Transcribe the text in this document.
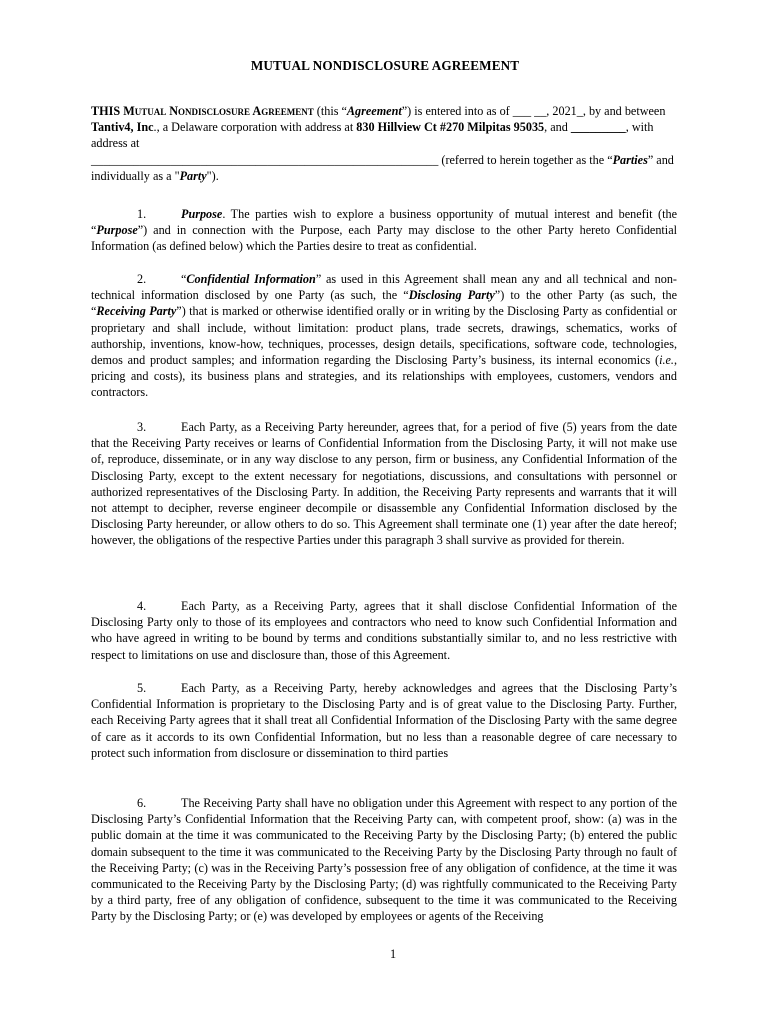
MUTUAL NONDISCLOSURE AGREEMENT
THIS Mutual Nondisclosure Agreement (this “Agreement”) is entered into as of ___ __, 2021_, by and between Tantiv4, Inc., a Delaware corporation with address at 830 Hillview Ct #270 Milpitas 95035, and _________, with address at
_________________________________________________________ (referred to herein together as the “Parties” and individually as a "Party").
1.	Purpose. The parties wish to explore a business opportunity of mutual interest and benefit (the “Purpose”) and in connection with the Purpose, each Party may disclose to the other Party hereto Confidential Information (as defined below) which the Parties desire to treat as confidential.
2.	“Confidential Information” as used in this Agreement shall mean any and all technical and non-technical information disclosed by one Party (as such, the “Disclosing Party”) to the other Party (as such, the “Receiving Party”) that is marked or otherwise identified orally or in writing by the Disclosing Party as confidential or proprietary and shall include, without limitation: product plans, trade secrets, drawings, schematics, works of authorship, inventions, know-how, techniques, processes, design details, specifications, software code, technologies, demos and product samples; and information regarding the Disclosing Party’s business, its internal economics (i.e., pricing and costs), its business plans and strategies, and its relationships with employees, customers, vendors and contractors.
3.	Each Party, as a Receiving Party hereunder, agrees that, for a period of five (5) years from the date that the Receiving Party receives or learns of Confidential Information from the Disclosing Party, it will not make use of, reproduce, disseminate, or in any way disclose to any person, firm or business, any Confidential Information of the Disclosing Party, except to the extent necessary for negotiations, discussions, and consultations with personnel or authorized representatives of the Disclosing Party. In addition, the Receiving Party represents and warrants that it will not attempt to decipher, reverse engineer decompile or disassemble any Confidential Information disclosed by the Disclosing Party hereunder, or allow others to do so. This Agreement shall terminate one (1) year after the date hereof; however, the obligations of the respective Parties under this paragraph 3 shall survive as provided for therein.
4.	Each Party, as a Receiving Party, agrees that it shall disclose Confidential Information of the Disclosing Party only to those of its employees and contractors who need to know such Confidential Information and who have agreed in writing to be bound by terms and conditions substantially similar to, and no less restrictive with respect to limitations on use and disclosure than, those of this Agreement.
5.	Each Party, as a Receiving Party, hereby acknowledges and agrees that the Disclosing Party’s Confidential Information is proprietary to the Disclosing Party and is of great value to the Disclosing Party. Further, each Receiving Party agrees that it shall treat all Confidential Information of the Disclosing Party with the same degree of care as it accords to its own Confidential Information, but no less than a reasonable degree of care necessary to protect such information from disclosure or dissemination to third parties
6.	The Receiving Party shall have no obligation under this Agreement with respect to any portion of the Disclosing Party’s Confidential Information that the Receiving Party can, with competent proof, show: (a) was in the public domain at the time it was communicated to the Receiving Party by the Disclosing Party; (b) entered the public domain subsequent to the time it was communicated to the Receiving Party by the Disclosing Party through no fault of the Receiving Party; (c) was in the Receiving Party’s possession free of any obligation of confidence, at the time it was communicated to the Receiving Party by the Disclosing Party; (d) was rightfully communicated to the Receiving Party by a third party, free of any obligation of confidence, subsequent to the time it was communicated to the Receiving Party by the Disclosing Party; or (e) was developed by employees or agents of the Receiving
1
